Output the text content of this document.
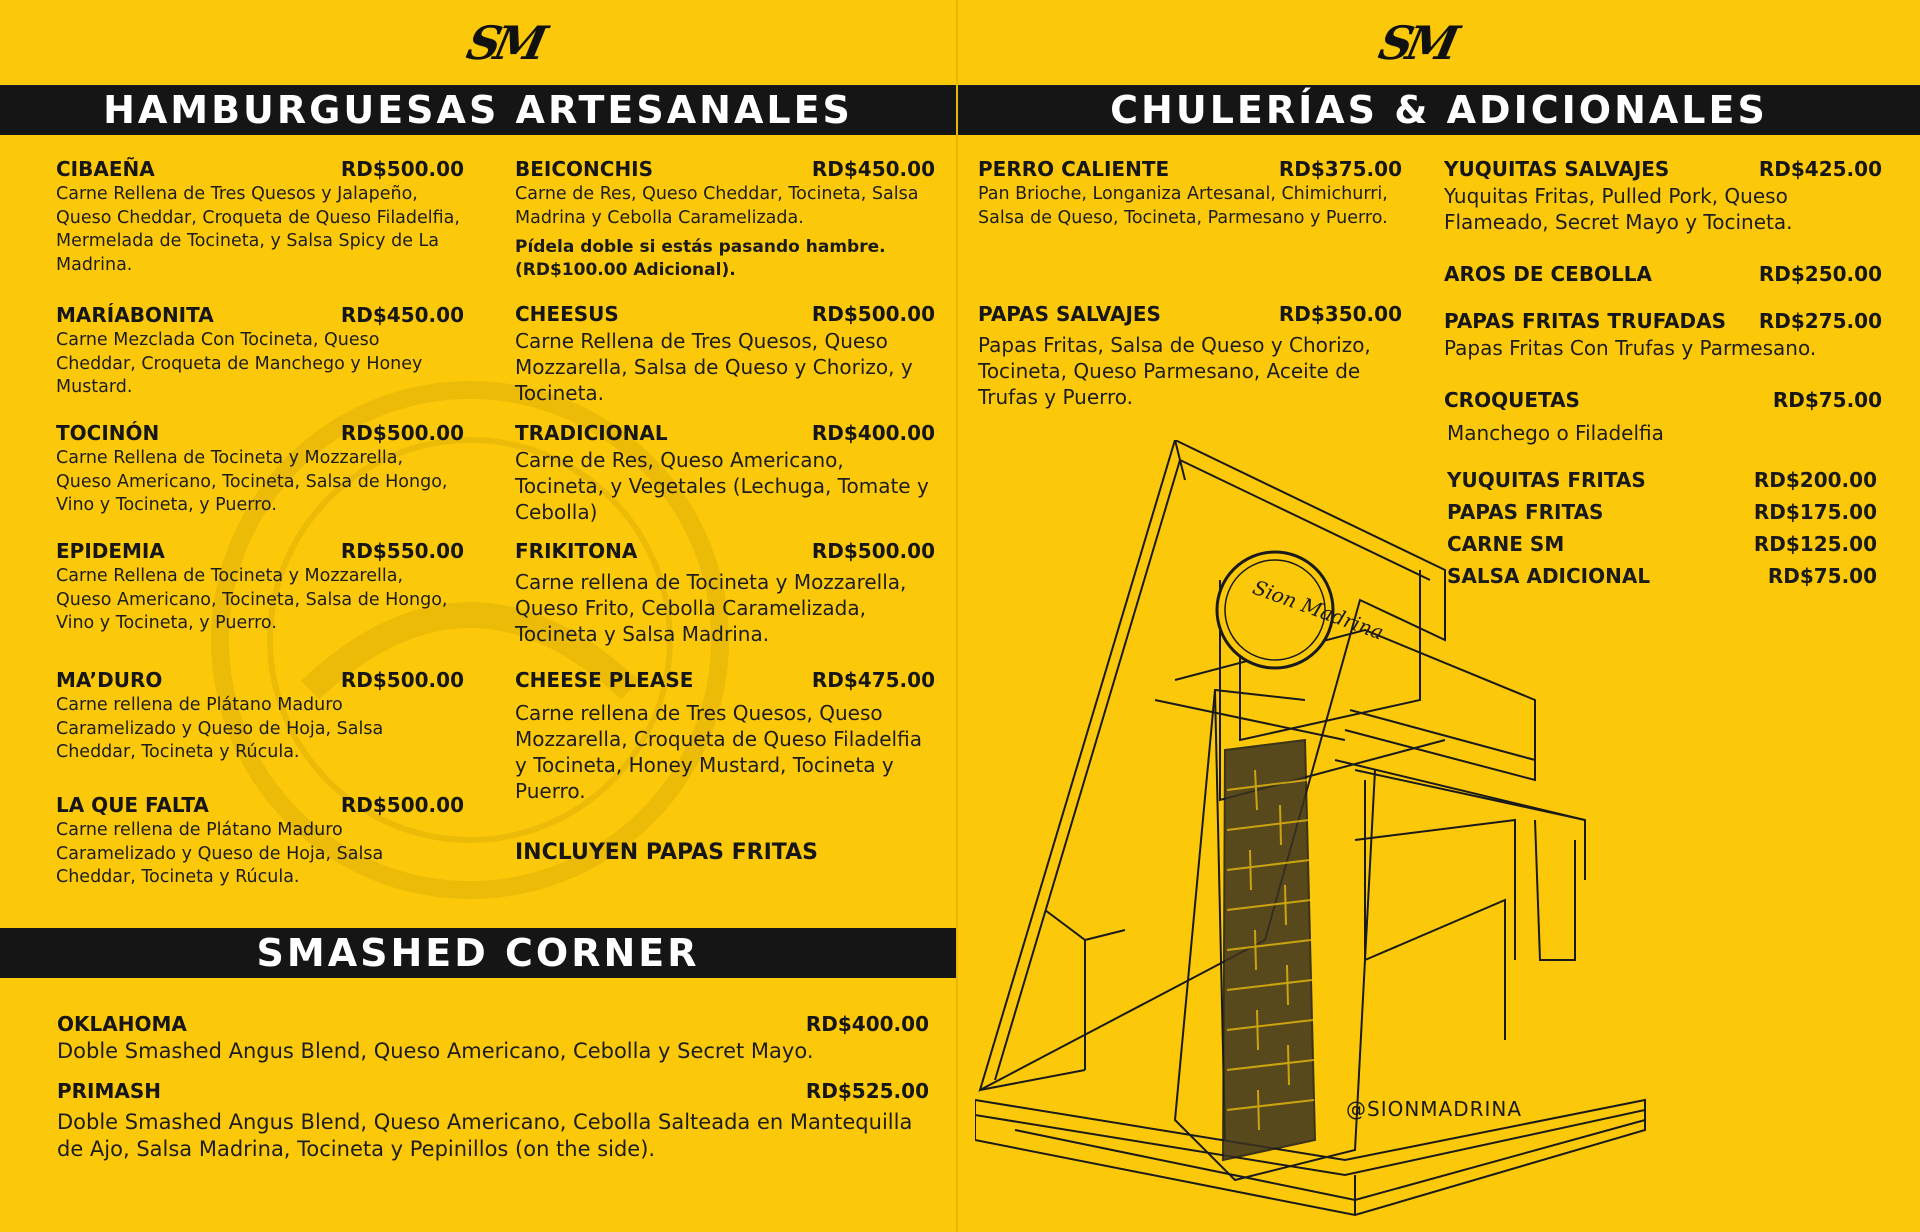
SM	SM
HAMBURGUESAS ARTESANALES	CHULERÍAS & ADICIONALES
SMASHED CORNER
CIBAEÑA	RD$500.00
Carne Rellena de Tres Quesos y Jalapeño, Queso Cheddar, Croqueta de Queso Filadelfia, Mermelada de Tocineta, y Salsa Spicy de La Madrina.
MARÍABONITA	RD$450.00
Carne Mezclada Con Tocineta, Queso Cheddar, Croqueta de Manchego y Honey Mustard.
TOCINÓN	RD$500.00
Carne Rellena de Tocineta y Mozzarella, Queso Americano, Tocineta, Salsa de Hongo, Vino y Tocineta, y Puerro.
EPIDEMIA	RD$550.00
Carne Rellena de Tocineta y Mozzarella, Queso Americano, Tocineta, Salsa de Hongo, Vino y Tocineta, y Puerro.
MA’DURO	RD$500.00
Carne rellena de Plátano Maduro Caramelizado y Queso de Hoja, Salsa Cheddar, Tocineta y Rúcula.
LA QUE FALTA	RD$500.00
Carne rellena de Plátano Maduro Caramelizado y Queso de Hoja, Salsa Cheddar, Tocineta y Rúcula.
BEICONCHIS	RD$450.00
Carne de Res, Queso Cheddar, Tocineta, Salsa Madrina y Cebolla Caramelizada.
Pídela doble si estás pasando hambre. (RD$100.00 Adicional).
CHEESUS	RD$500.00
Carne Rellena de Tres Quesos, Queso Mozzarella, Salsa de Queso y Chorizo, y Tocineta.
TRADICIONAL	RD$400.00
Carne de Res, Queso Americano, Tocineta, y Vegetales (Lechuga, Tomate y Cebolla)
FRIKITONA	RD$500.00
Carne rellena de Tocineta y Mozzarella, Queso Frito, Cebolla Caramelizada, Tocineta y Salsa Madrina.
CHEESE PLEASE	RD$475.00
Carne rellena de Tres Quesos, Queso Mozzarella, Croqueta de Queso Filadelfia y Tocineta, Honey Mustard, Tocineta y Puerro.
INCLUYEN PAPAS FRITAS
OKLAHOMA	RD$400.00
Doble Smashed Angus Blend, Queso Americano, Cebolla y Secret Mayo.
PRIMASH	RD$525.00
Doble Smashed Angus Blend, Queso Americano, Cebolla Salteada en Mantequilla de Ajo, Salsa Madrina, Tocineta y Pepinillos (on the side).
PERRO CALIENTE	RD$375.00
Pan Brioche, Longaniza Artesanal, Chimichurri, Salsa de Queso, Tocineta, Parmesano y Puerro.
PAPAS SALVAJES	RD$350.00
Papas Fritas, Salsa de Queso y Chorizo, Tocineta, Queso Parmesano, Aceite de Trufas y Puerro.
YUQUITAS SALVAJES	RD$425.00
Yuquitas Fritas, Pulled Pork, Queso Flameado, Secret Mayo y Tocineta.
AROS DE CEBOLLA	RD$250.00
PAPAS FRITAS TRUFADAS RD$275.00
Papas Fritas Con Trufas y Parmesano.
CROQUETAS	RD$75.00
Manchego o Filadelfia
YUQUITAS FRITAS	RD$200.00
PAPAS FRITAS	RD$175.00
CARNE SM	RD$125.00
SALSA ADICIONAL	RD$75.00
Sion Madrina
@SIONMADRINA
